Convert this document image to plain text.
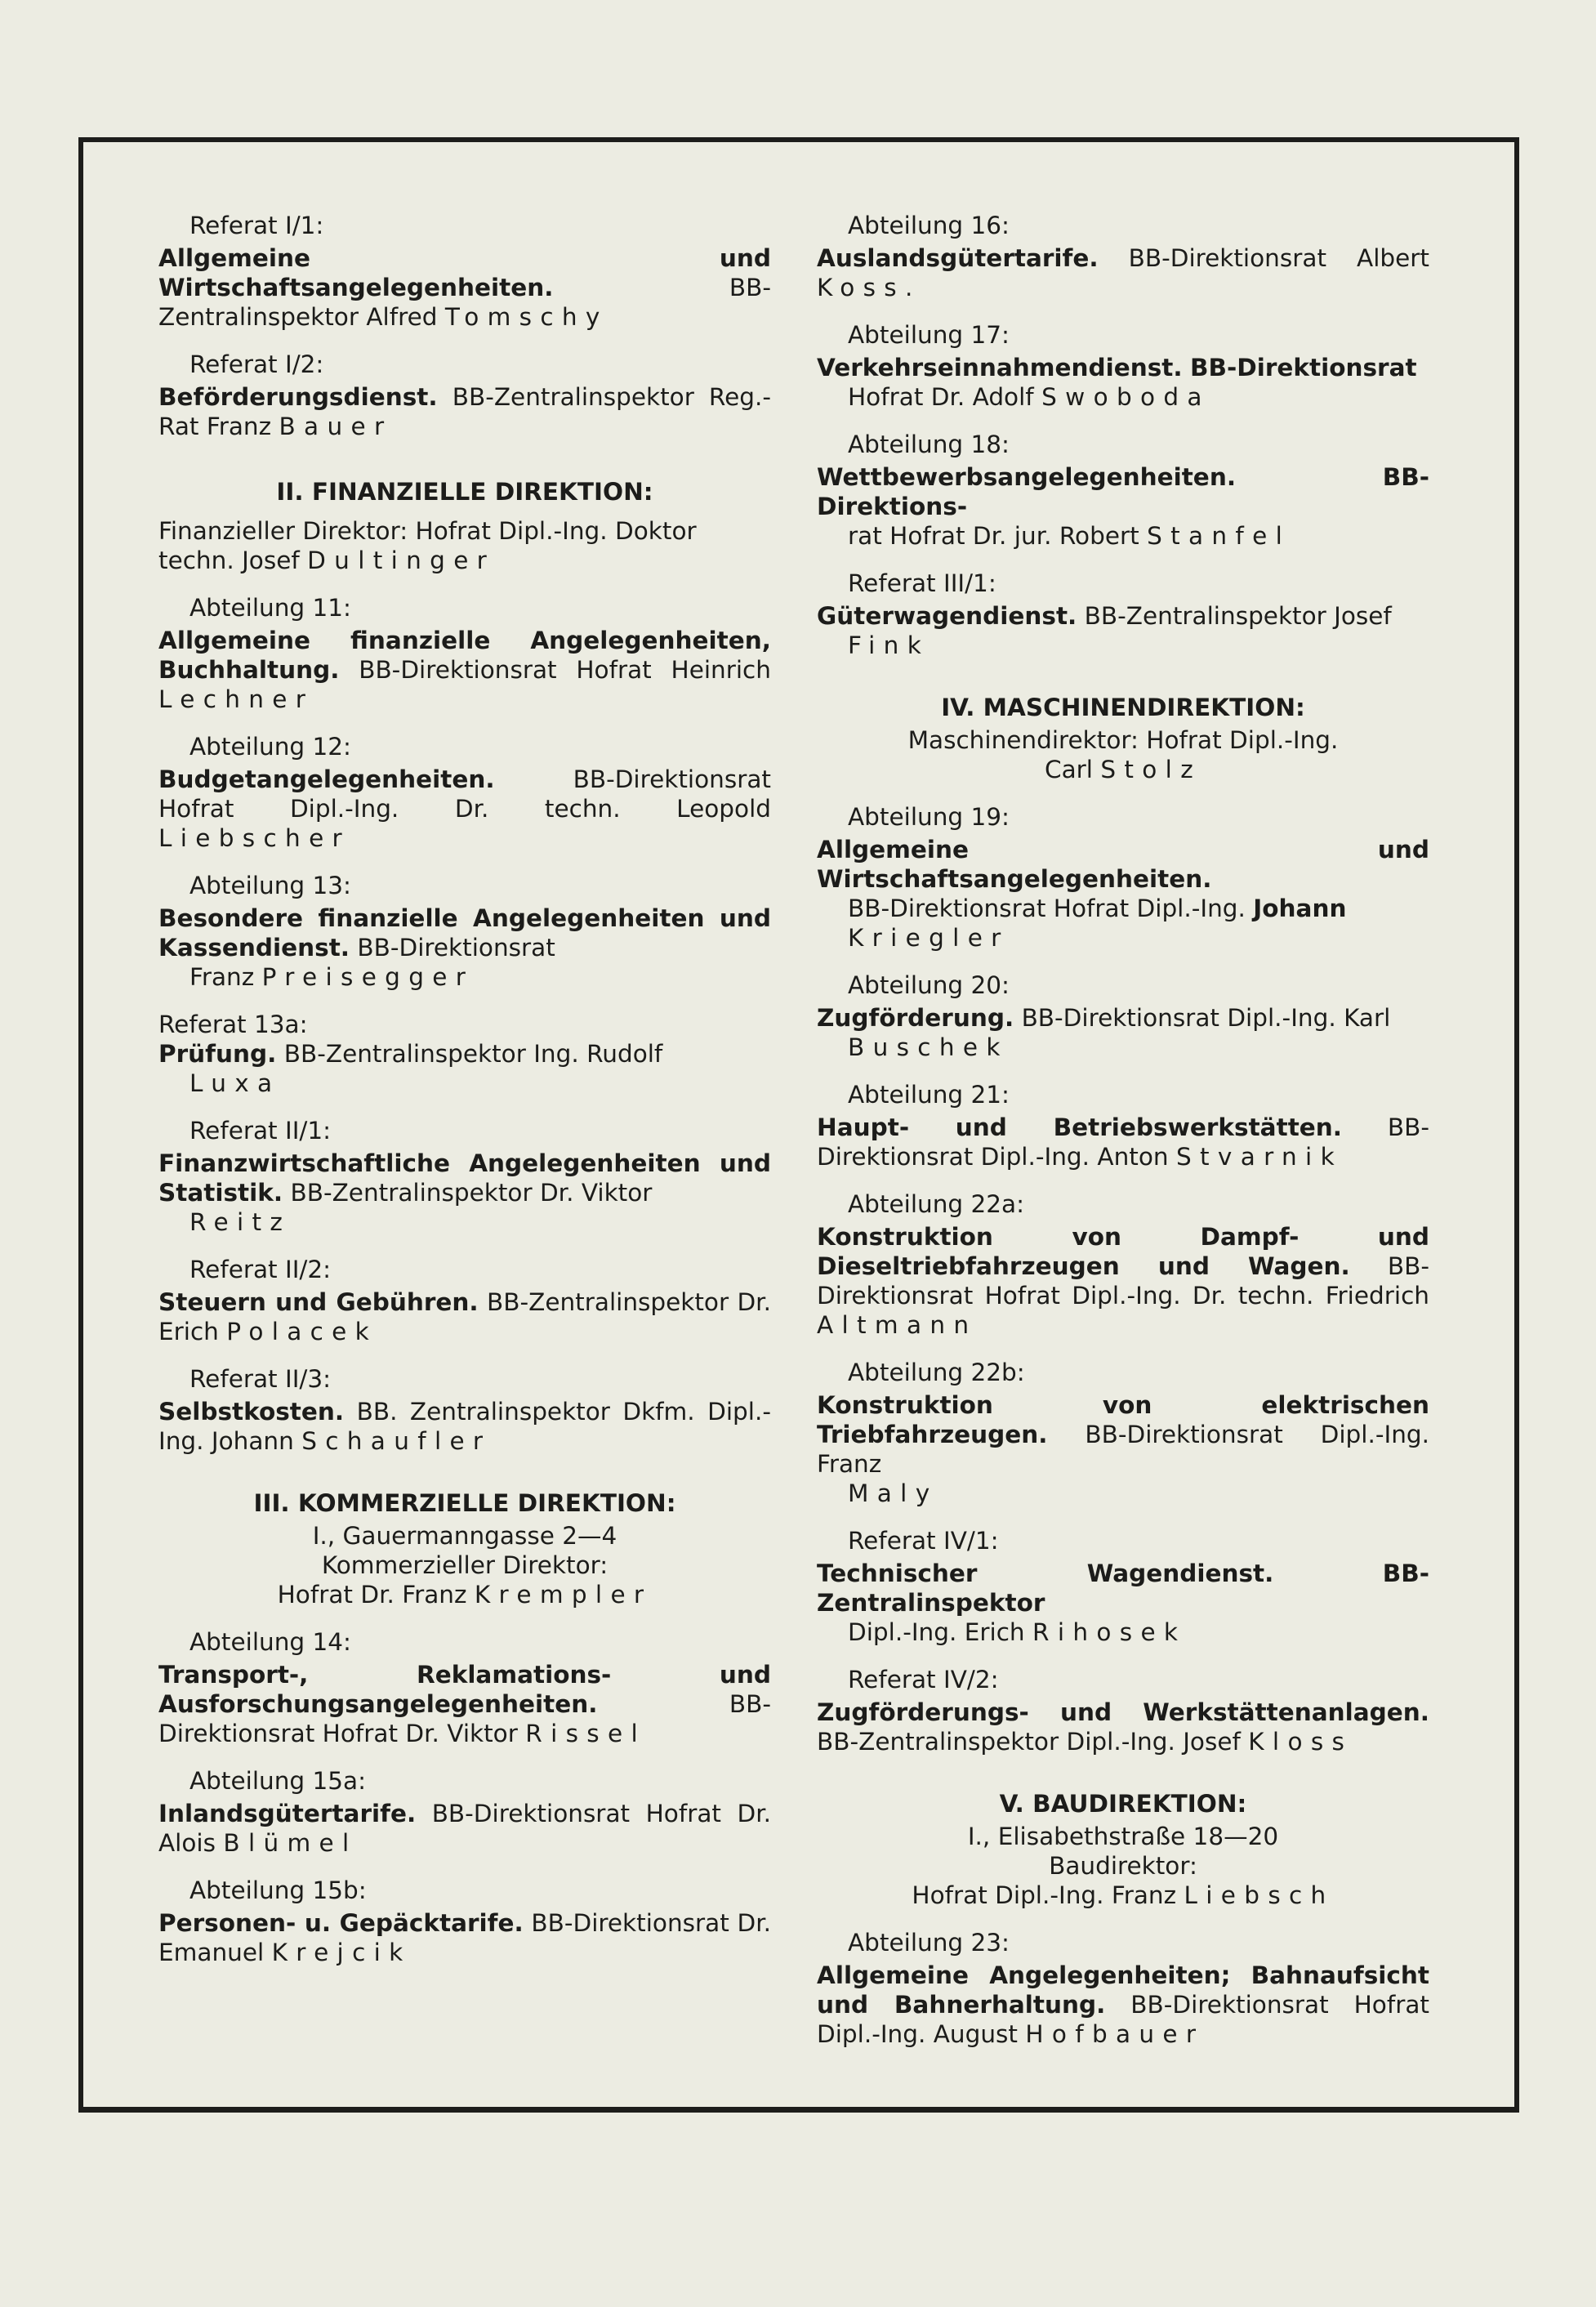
Referat I/1:
Allgemeine und Wirtschaftsangelegenheiten.	BB-Zentralinspektor Alfred Tomschy
Referat I/2:
Beförderungsdienst. BB-Zentralinspektor Reg.-Rat Franz Bauer
II. FINANZIELLE DIREKTION:
Finanzieller Direktor: Hofrat Dipl.-Ing. Doktor techn. Josef Dultinger
Abteilung 11:
Allgemeine finanzielle Angelegenheiten, Buchhaltung. BB-Direktionsrat Hofrat Heinrich Lechner
Abteilung 12:
Budgetangelegenheiten.	BB-Direktionsrat Hofrat Dipl.-Ing. Dr. techn. Leopold Liebscher
Abteilung 13:
Besondere finanzielle Angelegenheiten und Kassendienst. BB-Direktionsrat
Franz Preisegger
Referat 13a:
Prüfung. BB-Zentralinspektor Ing. Rudolf
Luxa
Referat II/1:
Finanzwirtschaftliche Angelegenheiten und Statistik. BB-Zentralinspektor Dr. Viktor
Reitz
Referat II/2:
Steuern und Gebühren. BB-Zentralinspektor Dr. Erich Polacek
Referat II/3:
Selbstkosten. BB. Zentralinspektor Dkfm. Dipl.-Ing. Johann Schaufler
III. KOMMERZIELLE DIREKTION:
I., Gauermanngasse 2—4
Kommerzieller Direktor:
Hofrat Dr. Franz Krempler
Abteilung 14:
Transport-, Reklamations- und Ausforschungsangelegenheiten.	BB-Direktionsrat Hofrat Dr. Viktor Rissel
Abteilung 15a:
Inlandsgütertarife. BB-Direktionsrat Hofrat Dr. Alois Blümel
Abteilung 15b:
Personen- u. Gepäcktarife. BB-Direktionsrat Dr. Emanuel Krejcik
Abteilung 16:
Auslandsgütertarife. BB-Direktionsrat Albert Koss.
Abteilung 17:
Verkehrseinnahmendienst. BB-Direktionsrat
Hofrat Dr. Adolf Swoboda
Abteilung 18:
Wettbewerbsangelegenheiten.	BB-Direktions-
rat Hofrat Dr. jur. Robert Stanfel
Referat III/1:
Güterwagendienst. BB-Zentralinspektor Josef
Fink
IV. MASCHINENDIREKTION:
Maschinendirektor: Hofrat Dipl.-Ing.
Carl Stolz
Abteilung 19:
Allgemeine und Wirtschaftsangelegenheiten.
BB-Direktionsrat Hofrat Dipl.-Ing. Johann
Kriegler
Abteilung 20:
Zugförderung. BB-Direktionsrat Dipl.-Ing. Karl
Buschek
Abteilung 21:
Haupt- und Betriebswerkstätten. BB-Direktionsrat Dipl.-Ing. Anton Stvarnik
Abteilung 22a:
Konstruktion von Dampf- und Dieseltriebfahrzeugen und Wagen. BB-Direktionsrat Hofrat Dipl.-Ing. Dr. techn. Friedrich Altmann
Abteilung 22b:
Konstruktion von elektrischen Triebfahrzeugen. BB-Direktionsrat Dipl.-Ing. Franz
Maly
Referat IV/1:
Technischer Wagendienst.	BB-Zentralinspektor
Dipl.-Ing. Erich Rihosek
Referat IV/2:
Zugförderungs- und Werkstättenanlagen. BB-Zentralinspektor Dipl.-Ing. Josef Kloss
V. BAUDIREKTION:
I., Elisabethstraße 18—20
Baudirektor:
Hofrat Dipl.-Ing. Franz Liebsch
Abteilung 23:
Allgemeine Angelegenheiten; Bahnaufsicht und Bahnerhaltung. BB-Direktionsrat Hofrat Dipl.-Ing. August Hofbauer
